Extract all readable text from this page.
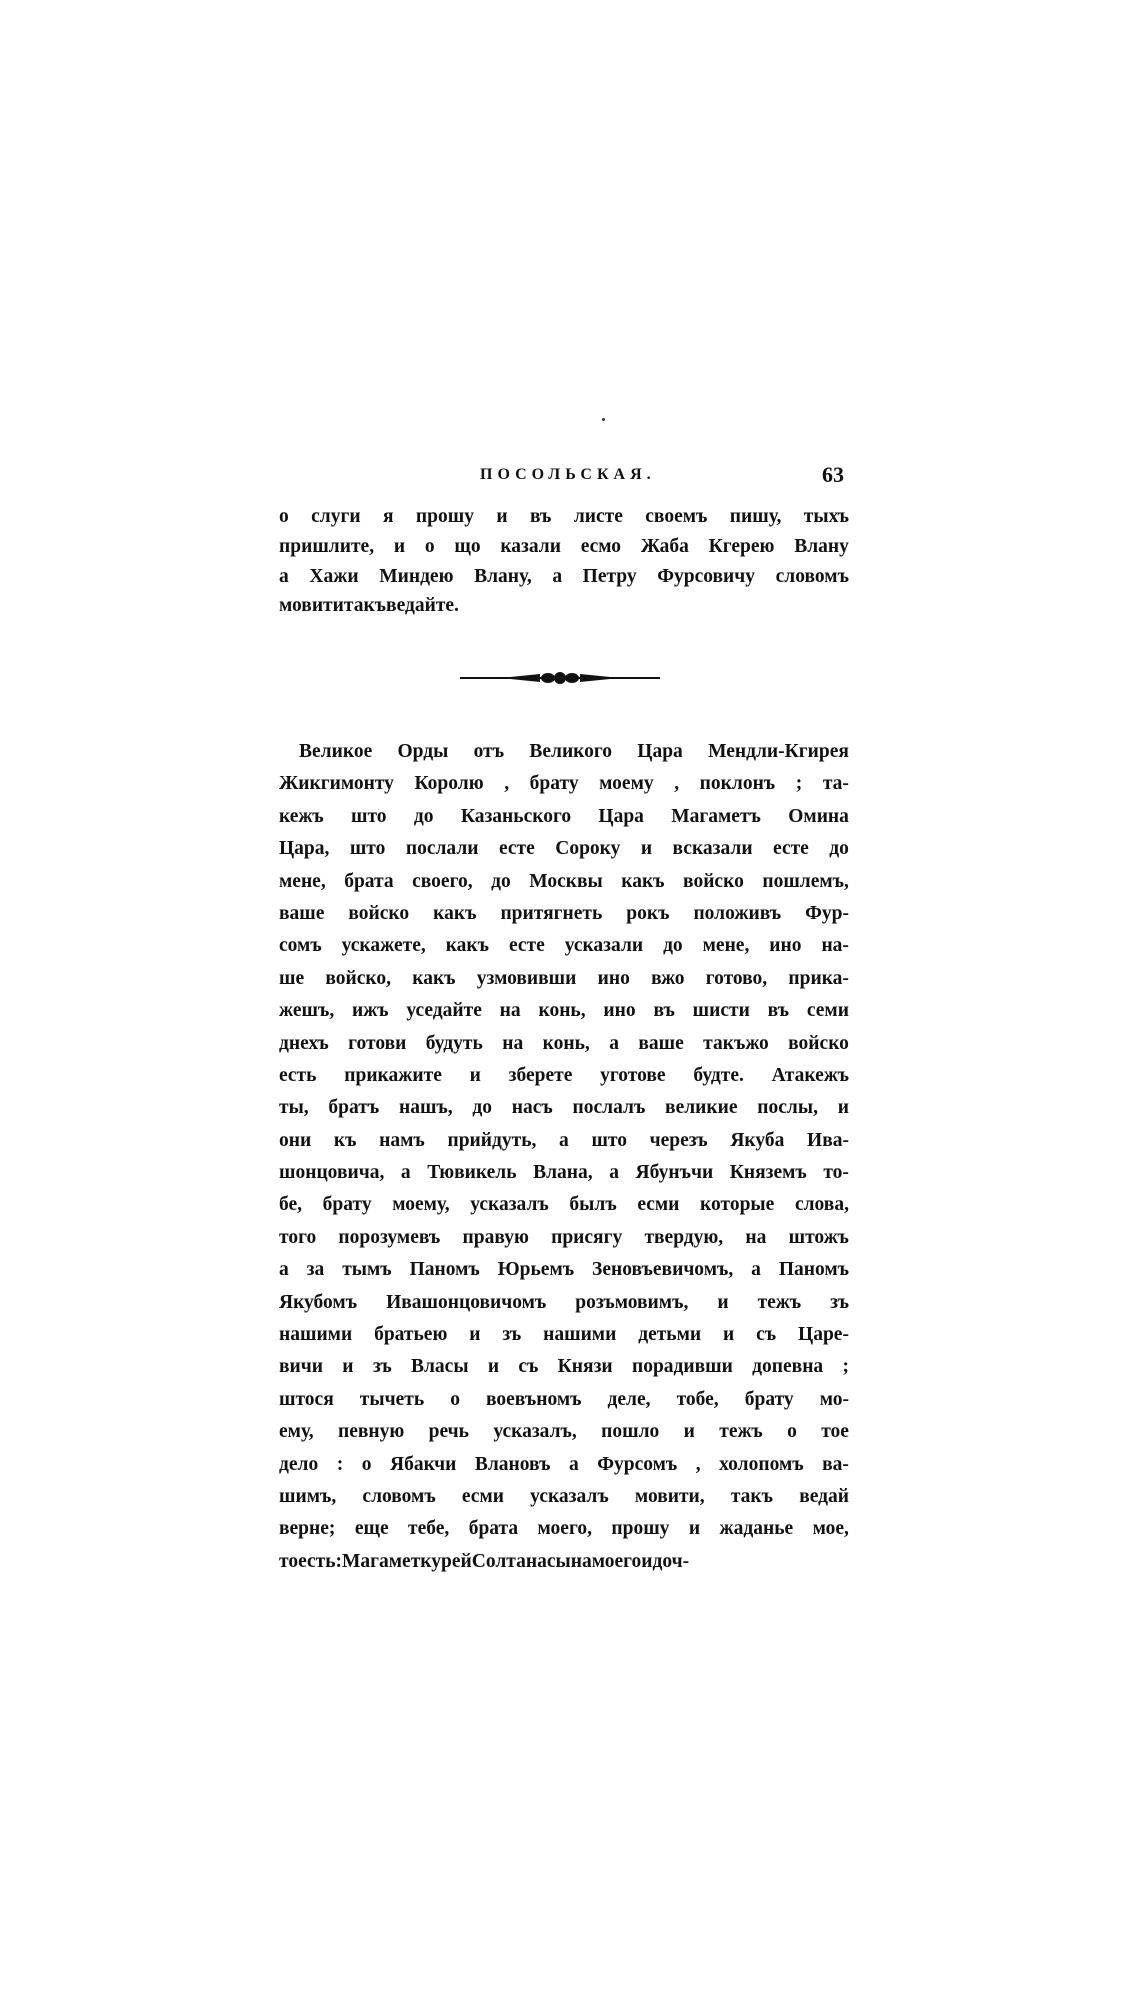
ПОСОЛЬСКАЯ.	63
о слуги я прошу и въ листе своемъ пишу, тыхъ
пришлите, и о що казали есмо Жаба Кгерею Влану
а Хажи Миндею Влану, а Петру Фурсовичу словомъ
мовити такъ ведайте.
Великое Орды отъ Великого Цара Мендли-Кгирея
Жикгимонту Королю , брату моему , поклонъ ; та-
кежъ што до Казаньского Цара Магаметъ Омина
Цара, што послали есте Сороку и всказали есте до
мене, брата своего, до Москвы какъ войско пошлемъ,
ваше войско какъ притягнеть рокъ положивъ Фур-
сомъ ускажете, какъ есте усказали до мене, ино на-
ше войско, какъ узмовивши ино вжо готово, прика-
жешъ, ижъ уседайте на конь, ино въ шисти въ семи
днехъ готови будуть на конь, а ваше такъжо войско
есть прикажите и зберете уготове будте. Атакежъ
ты, братъ нашъ, до насъ послалъ великие послы, и
они къ намъ прийдуть, а што черезъ Якуба Ива-
шонцовича, а Тювикель Влана, а Ябунъчи Княземъ то-
бе, брату моему, усказалъ былъ есми которые слова,
того порозумевъ правую присягу твердую, на штожъ
а за тымъ Паномъ Юрьемъ Зеновъевичомъ, а Паномъ
Якубомъ Ивашонцовичомъ розъмовимъ, и тежъ зъ
нашими братьею и зъ нашими детьми и съ Царе-
вичи и зъ Власы и съ Князи порадивши допевна ;
штося тычеть о воевъномъ деле, тобе, брату мо-
ему, певную речь усказалъ, пошло и тежъ о тое
дело : о Ябакчи Влановъ а Фурсомъ , холопомъ ва-
шимъ, словомъ есми усказалъ мовити, такъ ведай
верне; еще тебе, брата моего, прошу и жаданье мое,
то есть: Магаметкурей Солтана сына моего и доч-
